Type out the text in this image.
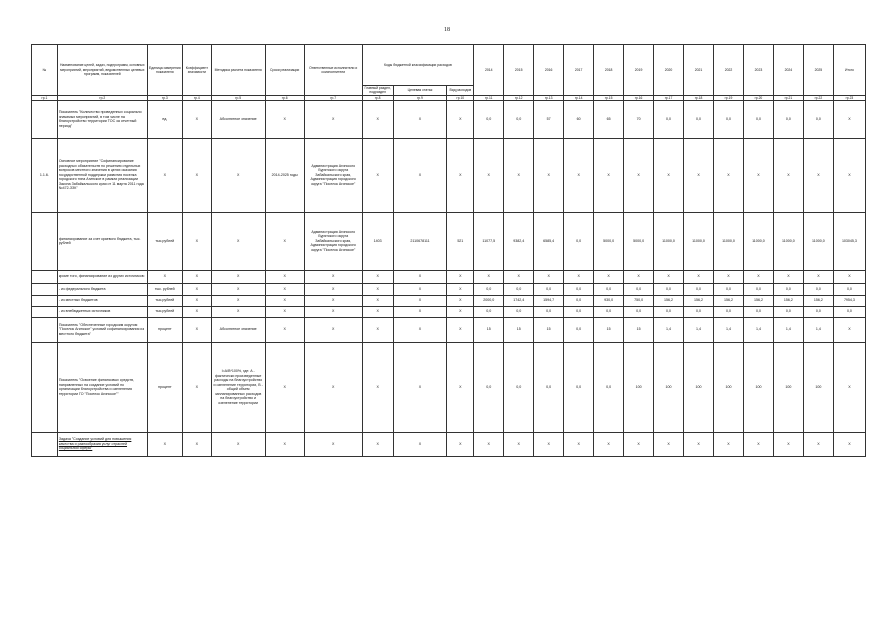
18
№	Наименование целей, задач, подпрограмм, основных мероприятий, мероприятий, ведомственных целевых программ, показателей	Единица измерения показателя	Коэффициент значимости	Методика расчета показателя	Сроки реализации	Ответственные исполнители и соисполнители	Коды бюджетной классификации расходов			2014	2015	2016	2017	2018	2019	2020	2021	2022	2023	2024	2025	Итого
							Главный раздел, подраздел	Целевая статья	Вид расходов													
гр.1	гр.2	гр.3	гр.4	гр.5	гр.6	гр.7	гр.8	гр.9	гр.10	гр.11	гр.12	гр.13	гр.14	гр.15	гр.16	гр.17	гр.18	гр.19	гр.20	гр.21	гр.22	гр.23
	Показатель "Количество проведенных социально значимых мероприятий, в том числе на благоустройство территории ТОС за отчетный период"	ед.	Х	Абсолютное значение	Х	Х	Х	Х	Х	0,0	0,0	57	60	65	70	0,0	0,0	0,0	0,0	0,0	0,0	Х
1.1.6.	Основное мероприятие "Софинансирование расходных обязательств по решению отдельных вопросов местного значения в целях оказания государственной поддержки развития поселка городского типа Агинское в рамках реализации Закона Забайкальского края от 11 марта 2011 года №472-ЗЗК"	Х	Х	Х	2014-2025 годы	Администрация Агинского Бурятского округа Забайкальского края, Администрация городского округа "Поселок Агинское"	Х	Х	Х	Х	Х	Х	Х	Х	Х	Х	Х	Х	Х	Х	Х	Х
	финансирование за счет краевого бюджета, тыс. рублей	тыс.рублей	Х	Х	Х	Администрация Агинского Бурятского округа Забайкальского края, Администрация городского округа "Поселок Агинское"	1403	2110678111	521	11077,5	9382,4	6585,4	0,0	5000,0	5000,0	11000,0	11000,0	11000,0	11000,0	11000,0	11000,0	103045,3
	кроме того, финансирование из других источников:	Х	Х	Х	Х	Х	Х	Х	Х	Х	Х	Х	Х	Х	Х	Х	Х	Х	Х	Х	Х	Х
	- из федерального бюджета	тыс. рублей	Х	Х	Х	Х	Х	Х	Х	0,0	0,0	0,0	0,0	0,0	0,0	0,0	0,0	0,0	0,0	0,0	0,0	0,0
	- из местных бюджетов	тыс.рублей	Х	Х	Х	Х	Х	Х	Х	2000,0	1742,4	1594,7	0,0	930,0	750,0	156,2	156,2	156,2	156,2	156,2	156,2	7954,3
	- из внебюджетных источников	тыс.рублей	Х	Х	Х	Х	Х	Х	Х	0,0	0,0	0,0	0,0	0,0	0,0	0,0	0,0	0,0	0,0	0,0	0,0	0,0
	Показатель "Обеспеченные городским округом "Поселок Агинское" условий софинансирования из местного бюджета"	процент	Х	Абсолютное значение	Х	Х	Х	Х	Х	15	15	15	0,0	15	15	1,4	1,4	1,4	1,4	1,4	1,4	Х
	Показатель "Освоение финансовых средств, направленных на создание условий по организации благоустройства и озеленения территории ГО "Поселок Агинское""	процент	Х	I=A/B*100%, где: A - фактически произведенные расходы на благоустройство и озеленение территории, B - общий объем запланированных расходов на благоустройство и озеленение территории	Х	Х	Х	Х	Х	0,0	0,0	0,0	0,0	0,0	100	100	100	100	100	100	100	Х
	Задача "Создание условий для повышения качества и разнообразия услуг отраслей социальной сферы"	Х	Х	Х	Х	Х	Х	Х	Х	Х	Х	Х	Х	Х	Х	Х	Х	Х	Х	Х	Х	Х
